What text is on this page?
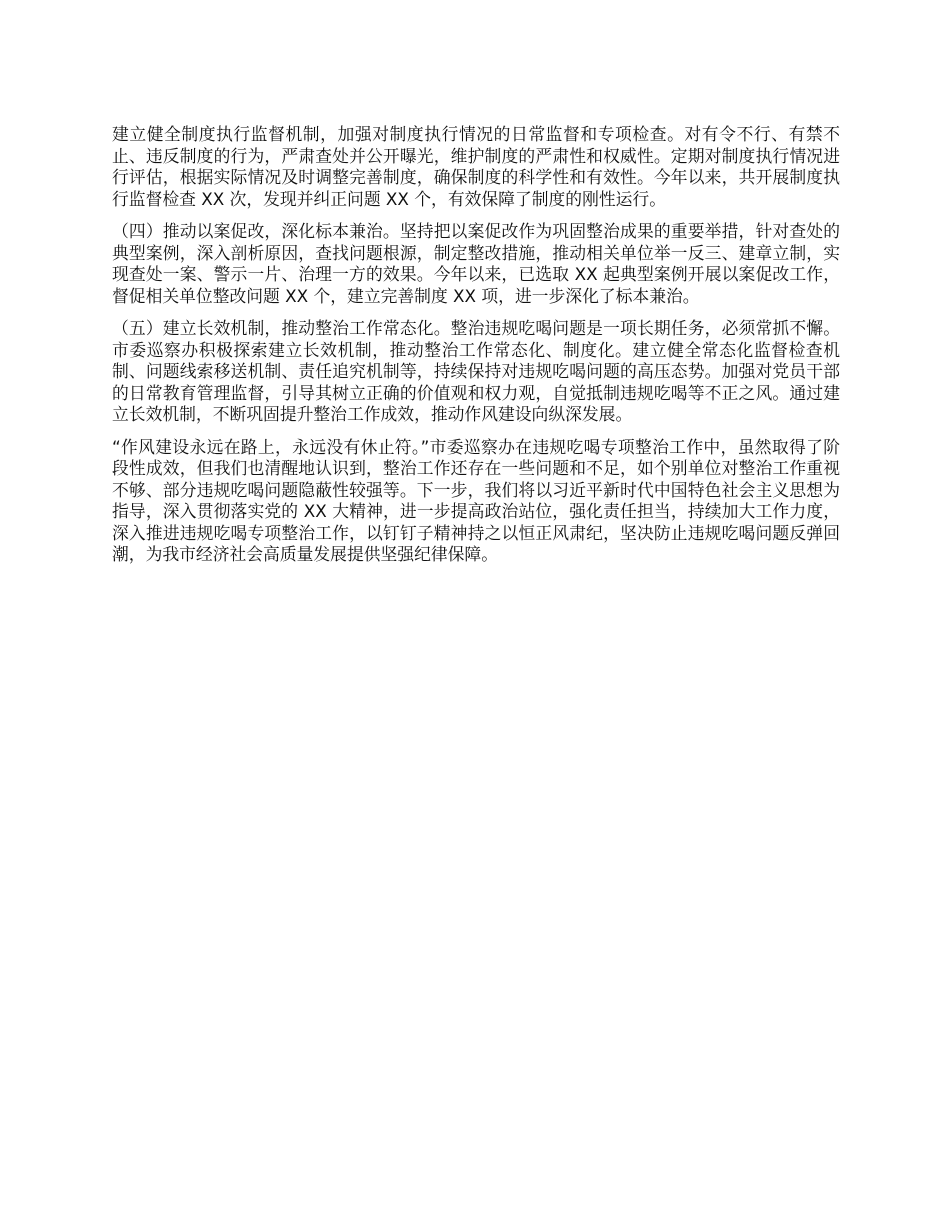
建立健全制度执行监督机制，加强对制度执行情况的日常监督和专项检查。对有令不行、有禁不止、违反制度的行为，严肃查处并公开曝光，维护制度的严肃性和权威性。定期对制度执行情况进行评估，根据实际情况及时调整完善制度，确保制度的科学性和有效性。今年以来，共开展制度执行监督检查 XX 次，发现并纠正问题 XX 个，有效保障了制度的刚性运行。

（四）推动以案促改，深化标本兼治。坚持把以案促改作为巩固整治成果的重要举措，针对查处的典型案例，深入剖析原因，查找问题根源，制定整改措施，推动相关单位举一反三、建章立制，实现查处一案、警示一片、治理一方的效果。今年以来，已选取 XX 起典型案例开展以案促改工作，督促相关单位整改问题 XX 个，建立完善制度 XX 项，进一步深化了标本兼治。

（五）建立长效机制，推动整治工作常态化。整治违规吃喝问题是一项长期任务，必须常抓不懈。市委巡察办积极探索建立长效机制，推动整治工作常态化、制度化。建立健全常态化监督检查机制、问题线索移送机制、责任追究机制等，持续保持对违规吃喝问题的高压态势。加强对党员干部的日常教育管理监督，引导其树立正确的价值观和权力观，自觉抵制违规吃喝等不正之风。通过建立长效机制，不断巩固提升整治工作成效，推动作风建设向纵深发展。

“作风建设永远在路上，永远没有休止符。”市委巡察办在违规吃喝专项整治工作中，虽然取得了阶段性成效，但我们也清醒地认识到，整治工作还存在一些问题和不足，如个别单位对整治工作重视不够、部分违规吃喝问题隐蔽性较强等。下一步，我们将以习近平新时代中国特色社会主义思想为指导，深入贯彻落实党的 XX 大精神，进一步提高政治站位，强化责任担当，持续加大工作力度，深入推进违规吃喝专项整治工作，以钉钉子精神持之以恒正风肃纪，坚决防止违规吃喝问题反弹回潮，为我市经济社会高质量发展提供坚强纪律保障。
